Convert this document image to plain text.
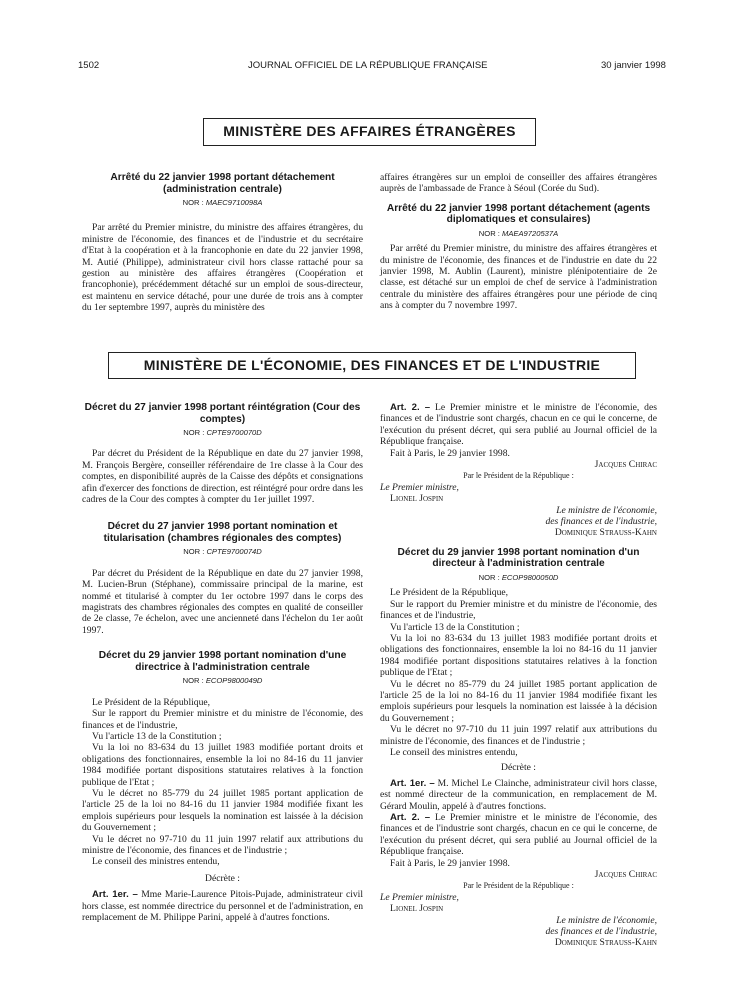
1502	JOURNAL OFFICIEL DE LA RÉPUBLIQUE FRANÇAISE	30 janvier 1998
MINISTÈRE DES AFFAIRES ÉTRANGÈRES
Arrêté du 22 janvier 1998 portant détachement (administration centrale)
NOR : MAEC9710098A

Par arrêté du Premier ministre, du ministre des affaires étrangères, du ministre de l'économie, des finances et de l'industrie et du secrétaire d'Etat à la coopération et à la francophonie en date du 22 janvier 1998, M. Autié (Philippe), administrateur civil hors classe rattaché pour sa gestion au ministère des affaires étrangères (Coopération et francophonie), précédemment détaché sur un emploi de sous-directeur, est maintenu en service détaché, pour une durée de trois ans à compter du 1er septembre 1997, auprès du ministère des

affaires étrangères sur un emploi de conseiller des affaires étrangères auprès de l'ambassade de France à Séoul (Corée du Sud).

Arrêté du 22 janvier 1998 portant détachement (agents diplomatiques et consulaires)
NOR : MAEA9720537A

Par arrêté du Premier ministre, du ministre des affaires étrangères et du ministre de l'économie, des finances et de l'industrie en date du 22 janvier 1998, M. Aublin (Laurent), ministre plénipotentiaire de 2e classe, est détaché sur un emploi de chef de service à l'administration centrale du ministère des affaires étrangères pour une période de cinq ans à compter du 7 novembre 1997.

MINISTÈRE DE L'ÉCONOMIE, DES FINANCES ET DE L'INDUSTRIE
Décret du 27 janvier 1998 portant réintégration (Cour des comptes)
NOR : CPTE9700070D

Par décret du Président de la République en date du 27 janvier 1998, M. François Bergère, conseiller référendaire de 1re classe à la Cour des comptes, en disponibilité auprès de la Caisse des dépôts et consignations afin d'exercer des fonctions de direction, est réintégré pour ordre dans les cadres de la Cour des comptes à compter du 1er juillet 1997.

Décret du 27 janvier 1998 portant nomination et titularisation (chambres régionales des comptes)
NOR : CPTE9700074D

Par décret du Président de la République en date du 27 janvier 1998, M. Lucien-Brun (Stéphane), commissaire principal de la marine, est nommé et titularisé à compter du 1er octobre 1997 dans le corps des magistrats des chambres régionales des comptes en qualité de conseiller de 2e classe, 7e échelon, avec une ancienneté dans l'échelon du 1er août 1997.

Décret du 29 janvier 1998 portant nomination d'une directrice à l'administration centrale
NOR : ECOP9800049D

Le Président de la République,

Sur le rapport du Premier ministre et du ministre de l'économie, des finances et de l'industrie,

Vu l'article 13 de la Constitution ;

Vu la loi no 83-634 du 13 juillet 1983 modifiée portant droits et obligations des fonctionnaires, ensemble la loi no 84-16 du 11 janvier 1984 modifiée portant dispositions statutaires relatives à la fonction publique de l'Etat ;

Vu le décret no 85-779 du 24 juillet 1985 portant application de l'article 25 de la loi no 84-16 du 11 janvier 1984 modifiée fixant les emplois supérieurs pour lesquels la nomination est laissée à la décision du Gouvernement ;

Vu le décret no 97-710 du 11 juin 1997 relatif aux attributions du ministre de l'économie, des finances et de l'industrie ;

Le conseil des ministres entendu,

Décrète :

Art. 1er. – Mme Marie-Laurence Pitois-Pujade, administrateur civil hors classe, est nommée directrice du personnel et de l'administration, en remplacement de M. Philippe Parini, appelé à d'autres fonctions.

Art. 2. – Le Premier ministre et le ministre de l'économie, des finances et de l'industrie sont chargés, chacun en ce qui le concerne, de l'exécution du présent décret, qui sera publié au Journal officiel de la République française.

Fait à Paris, le 29 janvier 1998.

Jacques Chirac

Par le Président de la République :

Le Premier ministre,

Lionel Jospin

Le ministre de l'économie,

des finances et de l'industrie,

Dominique Strauss-Kahn

Décret du 29 janvier 1998 portant nomination d'un directeur à l'administration centrale
NOR : ECOP9800050D

Le Président de la République,

Sur le rapport du Premier ministre et du ministre de l'économie, des finances et de l'industrie,

Vu l'article 13 de la Constitution ;

Vu la loi no 83-634 du 13 juillet 1983 modifiée portant droits et obligations des fonctionnaires, ensemble la loi no 84-16 du 11 janvier 1984 modifiée portant dispositions statutaires relatives à la fonction publique de l'Etat ;

Vu le décret no 85-779 du 24 juillet 1985 portant application de l'article 25 de la loi no 84-16 du 11 janvier 1984 modifiée fixant les emplois supérieurs pour lesquels la nomination est laissée à la décision du Gouvernement ;

Vu le décret no 97-710 du 11 juin 1997 relatif aux attributions du ministre de l'économie, des finances et de l'industrie ;

Le conseil des ministres entendu,

Décrète :

Art. 1er. – M. Michel Le Clainche, administrateur civil hors classe, est nommé directeur de la communication, en remplacement de M. Gérard Moulin, appelé à d'autres fonctions.

Art. 2. – Le Premier ministre et le ministre de l'économie, des finances et de l'industrie sont chargés, chacun en ce qui le concerne, de l'exécution du présent décret, qui sera publié au Journal officiel de la République française.

Fait à Paris, le 29 janvier 1998.

Jacques Chirac

Par le Président de la République :

Le Premier ministre,

Lionel Jospin

Le ministre de l'économie,

des finances et de l'industrie,

Dominique Strauss-Kahn
